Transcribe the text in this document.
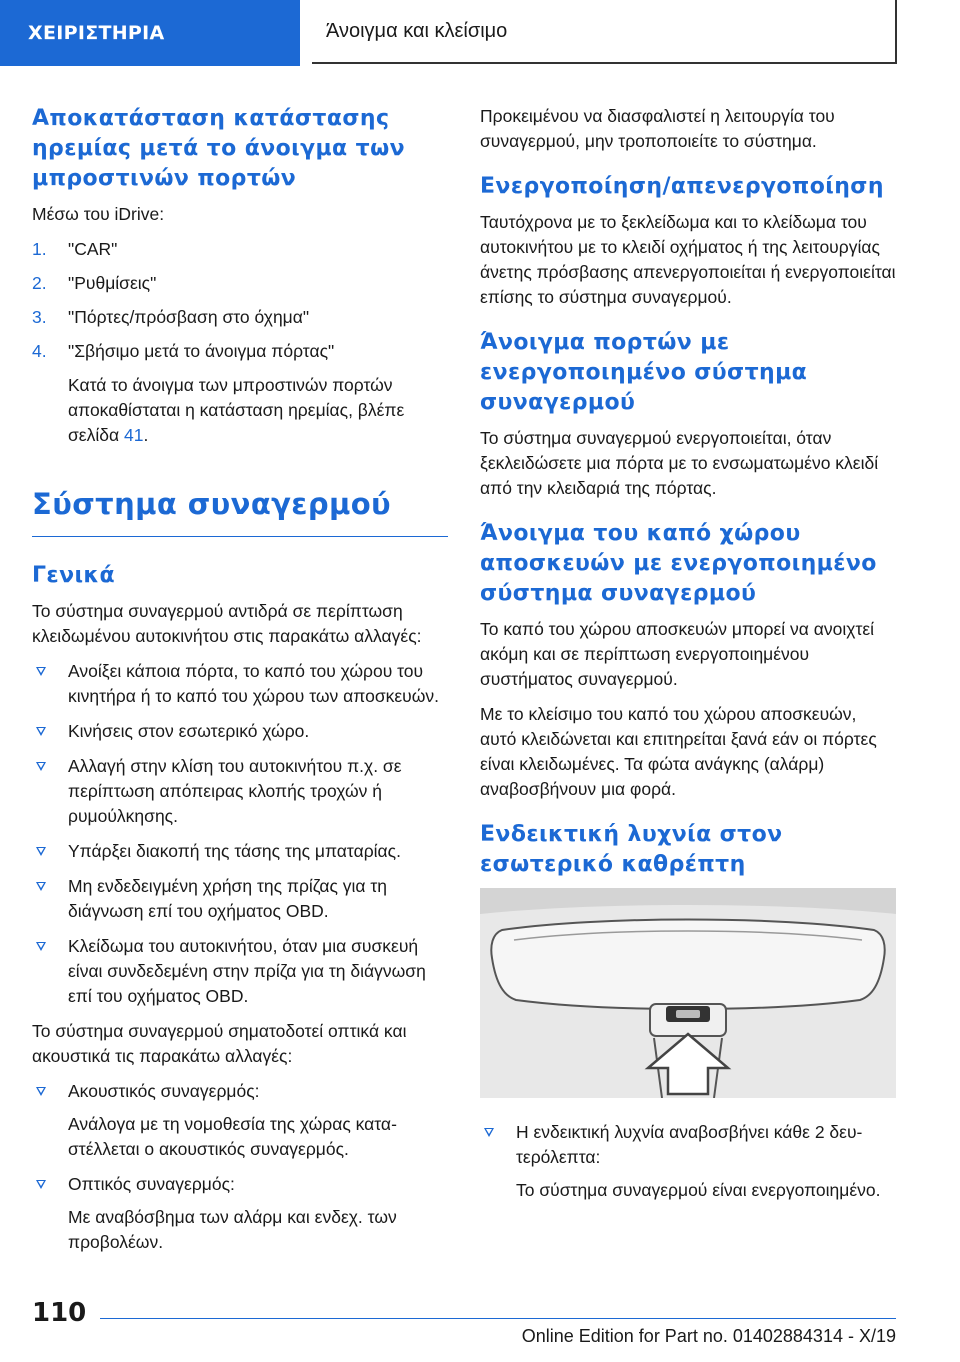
ΧΕΙΡΙΣΤΗΡΙΑ	Άνοιγμα και κλείσιμο
Αποκατάσταση κατάστασης ηρεμίας μετά το άνοιγμα των μπροστινών πορτών

Μέσω του iDrive:

1. "CAR"
2. "Ρυθμίσεις"
3. "Πόρτες/πρόσβαση στο όχημα"
4. "Σβήσιμο μετά το άνοιγμα πόρτας"

Κατά το άνοιγμα των μπροστινών πορτών αποκαθίσταται η κατάσταση ηρεμίας, βλέπε σελίδα 41.

Σύστημα συναγερμού
Γενικά

Το σύστημα συναγερμού αντιδρά σε περίπτωση κλειδωμένου αυτοκινήτου στις παρακάτω αλλαγές:

Ανοίξει κάποια πόρτα, το καπό του χώρου του κινητήρα ή το καπό του χώρου των αποσκευών.
Κινήσεις στον εσωτερικό χώρο.
Αλλαγή στην κλίση του αυτοκινήτου π.χ. σε περίπτωση απόπειρας κλοπής τροχών ή ρυμούλκησης.
Υπάρξει διακοπή της τάσης της μπαταρίας.
Μη ενδεδειγμένη χρήση της πρίζας για τη διάγνωση επί του οχήματος OBD.
Κλείδωμα του αυτοκινήτου, όταν μια συσκευή είναι συνδεδεμένη στην πρίζα για τη διάγνωση επί του οχήματος OBD.

Το σύστημα συναγερμού σηματοδοτεί οπτικά και ακουστικά τις παρακάτω αλλαγές:

Ακουστικός συναγερμός:
Ανάλογα με τη νομοθεσία της χώρας καταστέλλεται ο ακουστικός συναγερμός.
Οπτικός συναγερμός:
Με αναβόσβημα των αλάρμ και ενδεχ. των προβολέων.

Προκειμένου να διασφαλιστεί η λειτουργία του συναγερμού, μην τροποποιείτε το σύστημα.

Ενεργοποίηση/απενεργοποίηση

Ταυτόχρονα με το ξεκλείδωμα και το κλείδωμα του αυτοκινήτου με το κλειδί οχήματος ή της λειτουργίας άνετης πρόσβασης απενεργοποιείται ή ενεργοποιείται επίσης το σύστημα συναγερμού.

Άνοιγμα πορτών με ενεργοποιημένο σύστημα συναγερμού

Το σύστημα συναγερμού ενεργοποιείται, όταν ξεκλειδώσετε μια πόρτα με το ενσωματωμένο κλειδί από την κλειδαριά της πόρτας.

Άνοιγμα του καπό χώρου αποσκευών με ενεργοποιημένο σύστημα συναγερμού

Το καπό του χώρου αποσκευών μπορεί να ανοιχτεί ακόμη και σε περίπτωση ενεργοποιημένου συστήματος συναγερμού.

Με το κλείσιμο του καπό του χώρου αποσκευών, αυτό κλειδώνεται και επιτηρείται ξανά εάν οι πόρτες είναι κλειδωμένες. Τα φώτα ανάγκης (αλάρμ) αναβοσβήνουν μια φορά.

Ενδεικτική λυχνία στον εσωτερικό καθρέπτη
Η ενδεικτική λυχνία αναβοσβήνει κάθε 2 δευτερόλεπτα:
Το σύστημα συναγερμού είναι ενεργοποιημένο.
110
Online Edition for Part no. 01402884314 - X/19
